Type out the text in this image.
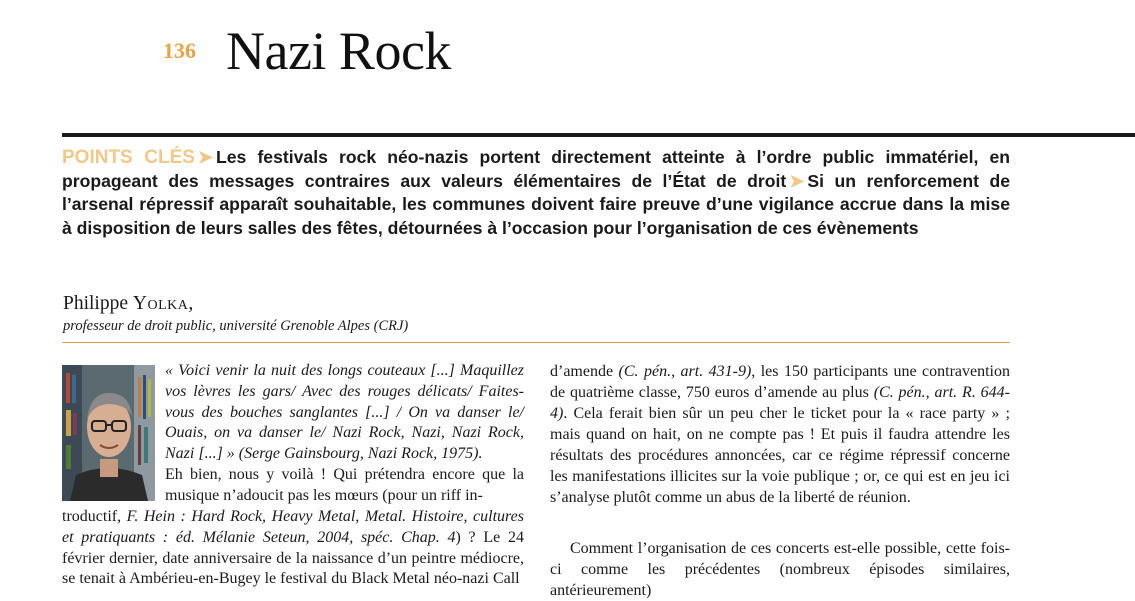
136 Nazi Rock

POINTS CLÉS ➤ Les festivals rock néo-nazis portent directement atteinte à l’ordre public immatériel, en propageant des messages contraires aux valeurs élémentaires de l’État de droit ➤ Si un renforcement de l’arsenal répressif apparaît souhaitable, les communes doivent faire preuve d’une vigilance accrue dans la mise à disposition de leurs salles des fêtes, détournées à l’occasion pour l’organisation de ces évènements

Philippe Yolka,
professeur de droit public, université Grenoble Alpes (CRJ)

« Voici venir la nuit des longs couteaux [...] Maquillez vos lèvres les gars/ Avec des rouges délicats/ Faites-vous des bouches sanglantes [...] / On va danser le/ Ouais, on va danser le/ Nazi Rock, Nazi, Nazi Rock, Nazi [...] » (Serge Gainsbourg, Nazi Rock, 1975).

Eh bien, nous y voilà ! Qui prétendra encore que la musique n’adoucit pas les mœurs (pour un riff in-

troductif, F. Hein : Hard Rock, Heavy Metal, Metal. Histoire, cultures et pratiquants : éd. Mélanie Seteun, 2004, spéc. Chap. 4) ? Le 24 février dernier, date anniversaire de la naissance d’un peintre médiocre, se tenait à Ambérieu-en-Bugey le festival du Black Metal néo-nazi Call

d’amende (C. pén., art. 431-9), les 150 participants une contravention de quatrième classe, 750 euros d’amende au plus (C. pén., art. R. 644-4). Cela ferait bien sûr un peu cher le ticket pour la « race party » ; mais quand on hait, on ne compte pas ! Et puis il faudra attendre les résultats des procédures annoncées, car ce régime répressif concerne les manifestations illicites sur la voie publique ; or, ce qui est en jeu ici s’analyse plutôt comme un abus de la liberté de réunion.

Comment l’organisation de ces concerts est-elle possible, cette fois-ci comme les précédentes (nombreux épisodes similaires, antérieurement)
